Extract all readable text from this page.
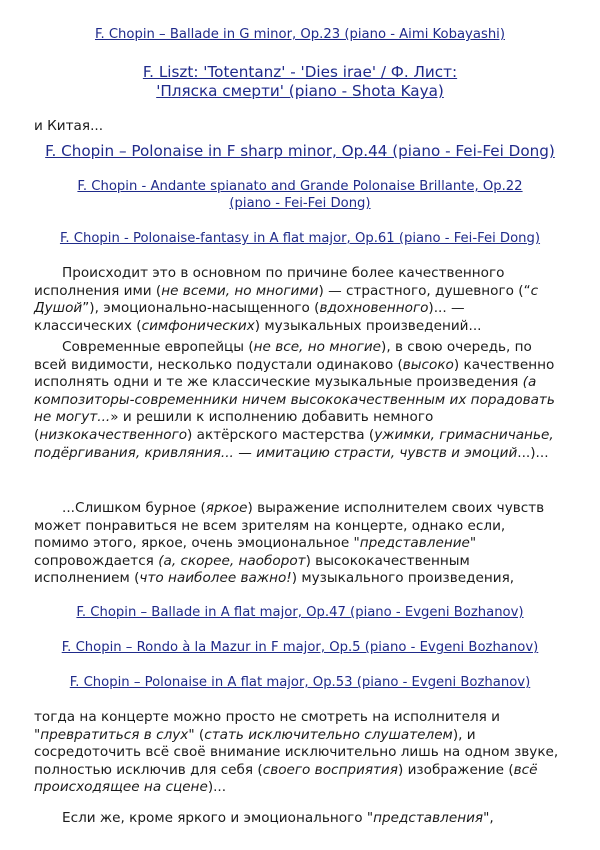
F. Chopin – Ballade in G minor, Op.23 (piano - Aimi Kobayashi)
F. Liszt: 'Totentanz' - 'Dies irae' / Ф. Лист:
'Пляска смерти' (piano - Shota Kaya)
и Китая...
F. Chopin – Polonaise in F sharp minor, Op.44 (piano - Fei-Fei Dong)
F. Chopin - Andante spianato and Grande Polonaise Brillante, Op.22
(piano - Fei-Fei Dong)
F. Chopin - Polonaise-fantasy in A flat major, Op.61 (piano - Fei-Fei Dong)
Происходит это в основном по причине более качественного исполнения ими (не всеми, но многими) — страстного, душевного (“с Душой”), эмоционально-насыщенного (вдохновенного)... — классических (симфонических) музыкальных произведений...
Современные европейцы (не все, но многие), в свою очередь, по всей видимости, несколько подустали одинаково (высоко) качественно исполнять одни и те же классические музыкальные произведения (а композиторы-современники ничем высококачественным их порадовать не могут...» и решили к исполнению добавить немного (низкокачественного) актёрского мастерства (ужимки, гримасничанье, подёргивания, кривляния... — имитацию страсти, чувств и эмоций...)...
...Слишком бурное (яркое) выражение исполнителем своих чувств может понравиться не всем зрителям на концерте, однако если, помимо этого, яркое, очень эмоциональное "представление" сопровождается (а, скорее, наоборот) высококачественным исполнением (что наиболее важно!) музыкального произведения,
F. Chopin – Ballade in A flat major, Op.47 (piano - Evgeni Bozhanov)
F. Chopin – Rondo à la Mazur in F major, Op.5 (piano - Evgeni Bozhanov)
F. Chopin – Polonaise in A flat major, Op.53 (piano - Evgeni Bozhanov)
тогда на концерте можно просто не смотреть на исполнителя и "превратиться в слух" (стать исключительно слушателем), и сосредоточить всё своё внимание исключительно лишь на одном звуке, полностью исключив для себя (своего восприятия) изображение (всё происходящее на сцене)...
Если же, кроме яркого и эмоционального "представления",
